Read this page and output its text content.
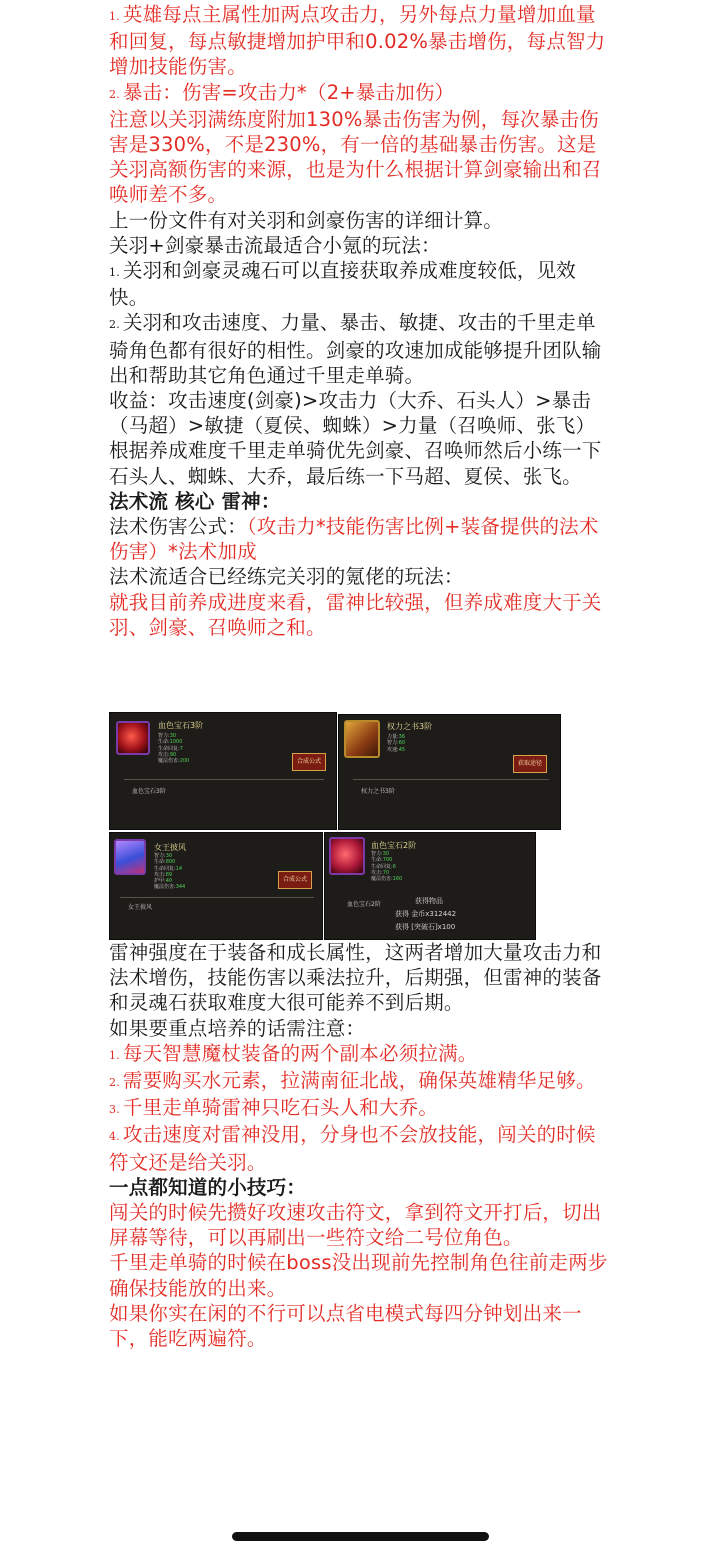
1. 英雄每点主属性加两点攻击力，另外每点力量增加血量和回复，每点敏捷增加护甲和0.02%暴击增伤，每点智力增加技能伤害。
2. 暴击：伤害=攻击力*（2+暴击加伤）
注意以关羽满练度附加130%暴击伤害为例，每次暴击伤害是330%，不是230%，有一倍的基础暴击伤害。这是关羽高额伤害的来源，也是为什么根据计算剑豪输出和召唤师差不多。
上一份文件有对关羽和剑豪伤害的详细计算。
关羽+剑豪暴击流最适合小氪的玩法：
1. 关羽和剑豪灵魂石可以直接获取养成难度较低，见效快。
2. 关羽和攻击速度、力量、暴击、敏捷、攻击的千里走单骑角色都有很好的相性。剑豪的攻速加成能够提升团队输出和帮助其它角色通过千里走单骑。
收益：攻击速度(剑豪)>攻击力（大乔、石头人）>暴击（马超）>敏捷（夏侯、蜘蛛）>力量（召唤师、张飞）
根据养成难度千里走单骑优先剑豪、召唤师然后小练一下石头人、蜘蛛、大乔，最后练一下马超、夏侯、张飞。
法术流 核心 雷神：
法术伤害公式：（攻击力*技能伤害比例+装备提供的法术伤害）*法术加成
法术流适合已经练完关羽的氪佬的玩法：
就我目前养成进度来看，雷神比较强，但养成难度大于关羽、剑豪、召唤师之和。
雷神强度在于装备和成长属性，这两者增加大量攻击力和法术增伤，技能伤害以乘法拉升，后期强，但雷神的装备和灵魂石获取难度大很可能养不到后期。
如果要重点培养的话需注意：
1. 每天智慧魔杖装备的两个副本必须拉满。
2. 需要购买水元素，拉满南征北战，确保英雄精华足够。
3. 千里走单骑雷神只吃石头人和大乔。
4. 攻击速度对雷神没用，分身也不会放技能，闯关的时候符文还是给关羽。
一点都知道的小技巧：
闯关的时候先攒好攻速攻击符文，拿到符文开打后，切出屏幕等待，可以再刷出一些符文给二号位角色。
千里走单骑的时候在boss没出现前先控制角色往前走两步确保技能放的出来。
如果你实在闲的不行可以点省电模式每四分钟划出来一下，能吃两遍符。
血色宝石3阶
智力:30
生命:1000
生命回复:7
攻击:90
魔法伤害:200	合成公式
血色宝石3阶
权力之书3阶
力量:36
智力:60
攻速:45
获取途径
权力之书3阶
女王披风
智力:30
生命:800
生命回复:14
攻击:89
护甲:40
魔法伤害:344
合成公式
女王披风
血色宝石2阶
智力:30
生命:700
生命回复:6
攻击:70
魔法伤害:160
血色宝石2阶	获得物品
获得 金币x312442
获得 [突破石]x100
